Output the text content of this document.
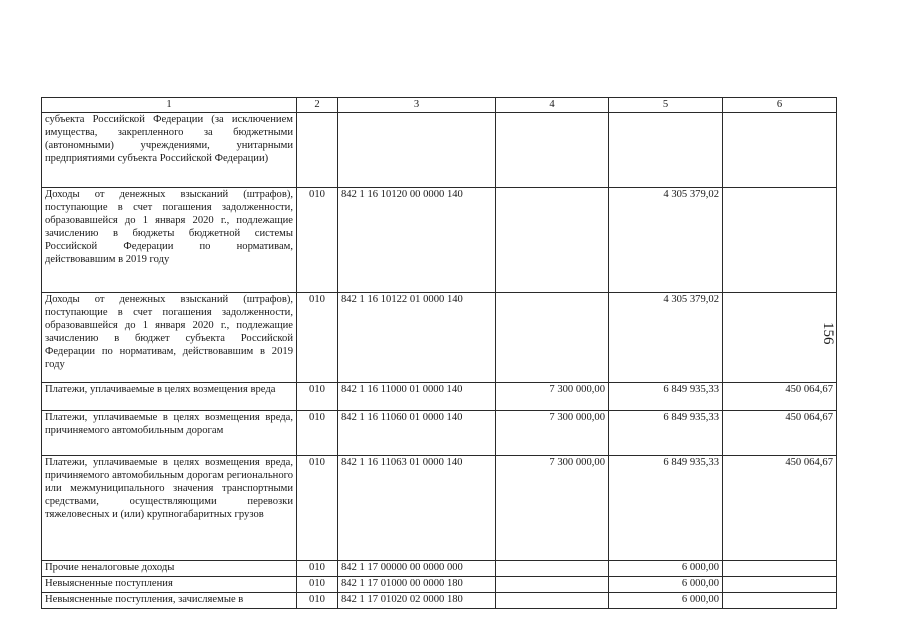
156
1	2	3	4	5	6
субъекта Российской Федерации (за исключением имущества, закрепленного за бюджетными (автономными) учреждениями, унитарными предприятиями субъекта Российской Федерации)					
Доходы от денежных взысканий (штрафов), поступающие в счет погашения задолженности, образовавшейся до 1 января 2020 г., подлежащие зачислению в бюджеты бюджетной системы Российской Федерации по нормативам, действовавшим в 2019 году	010	842 1 16 10120 00 0000 140		4 305 379,02	
Доходы от денежных взысканий (штрафов), поступающие в счет погашения задолженности, образовавшейся до 1 января 2020 г., подлежащие зачислению в бюджет субъекта Российской Федерации по нормативам, действовавшим в 2019 году	010	842 1 16 10122 01 0000 140		4 305 379,02	
Платежи, уплачиваемые в целях возмещения вреда	010	842 1 16 11000 01 0000 140	7 300 000,00	6 849 935,33	450 064,67
Платежи, уплачиваемые в целях возмещения вреда, причиняемого автомобильным дорогам	010	842 1 16 11060 01 0000 140	7 300 000,00	6 849 935,33	450 064,67
Платежи, уплачиваемые в целях возмещения вреда, причиняемого автомобильным дорогам регионального или межмуниципального значения транспортными средствами, осуществляющими перевозки тяжеловесных и (или) крупногабаритных грузов	010	842 1 16 11063 01 0000 140	7 300 000,00	6 849 935,33	450 064,67
Прочие неналоговые доходы	010	842 1 17 00000 00 0000 000		6 000,00	
Невыясненные поступления	010	842 1 17 01000 00 0000 180		6 000,00	
Невыясненные поступления, зачисляемые в	010	842 1 17 01020 02 0000 180		6 000,00	
